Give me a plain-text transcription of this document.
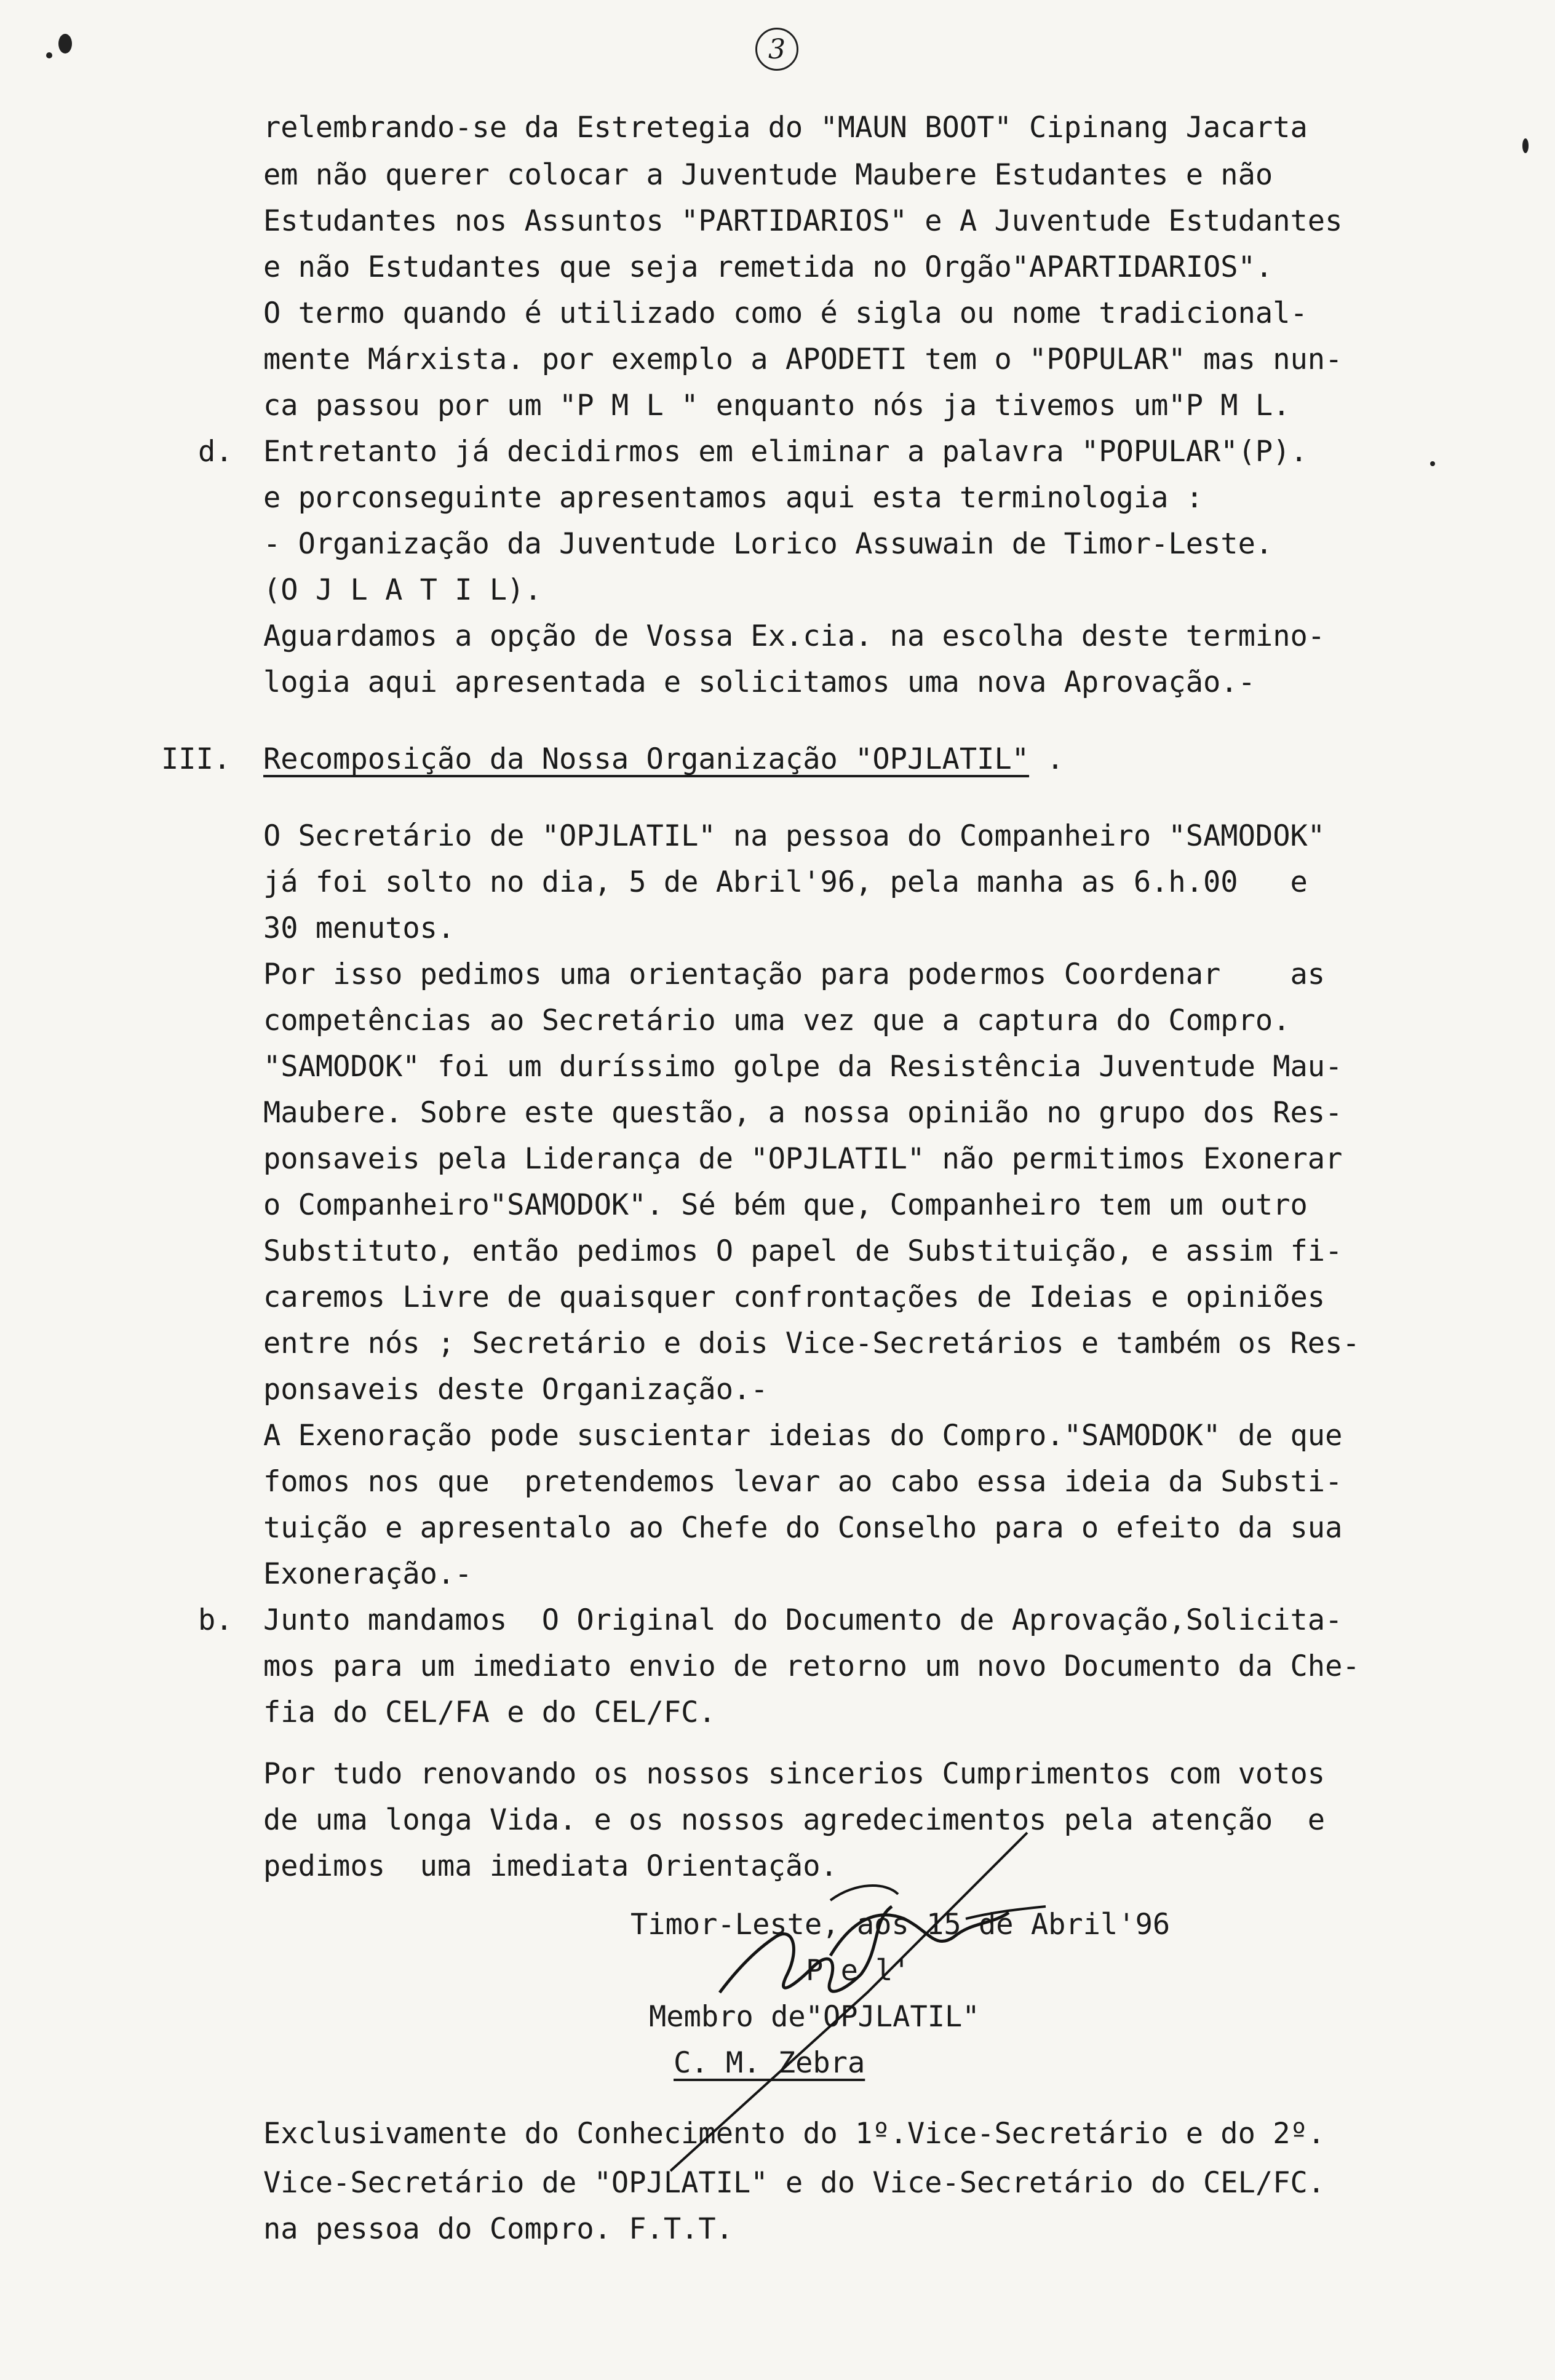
3
relembrando-se da Estretegia do "MAUN BOOT" Cipinang Jacarta
em não querer colocar a Juventude Maubere Estudantes e não
Estudantes nos Assuntos "PARTIDARIOS" e A Juventude Estudantes
e não Estudantes que seja remetida no Orgão"APARTIDARIOS".
O termo quando é utilizado como é sigla ou nome tradicional-
mente Márxista. por exemplo a APODETI tem o "POPULAR" mas nun-
ca passou por um "P M L " enquanto nós ja tivemos um"P M L.
Entretanto já decidirmos em eliminar a palavra "POPULAR"(P).
d.
e porconseguinte apresentamos aqui esta terminologia :
- Organização da Juventude Lorico Assuwain de Timor-Leste.
(O J L A T I L).
Aguardamos a opção de Vossa Ex.cia. na escolha deste termino-
logia aqui apresentada e solicitamos uma nova Aprovação.-
Recomposição da Nossa Organização "OPJLATIL" .
III.
O Secretário de "OPJLATIL" na pessoa do Companheiro "SAMODOK"
já foi solto no dia, 5 de Abril'96, pela manha as 6.h.00   e
30 menutos.
Por isso pedimos uma orientação para podermos Coordenar    as
competências ao Secretário uma vez que a captura do Compro.
"SAMODOK" foi um duríssimo golpe da Resistência Juventude Mau-
Maubere. Sobre este questão, a nossa opinião no grupo dos Res-
ponsaveis pela Liderança de "OPJLATIL" não permitimos Exonerar
o Companheiro"SAMODOK". Sé bém que, Companheiro tem um outro
Substituto, então pedimos O papel de Substituição, e assim fi-
caremos Livre de quaisquer confrontações de Ideias e opiniões
entre nós ; Secretário e dois Vice-Secretários e também os Res-
ponsaveis deste Organização.-
A Exenoração pode suscientar ideias do Compro."SAMODOK" de que
fomos nos que  pretendemos levar ao cabo essa ideia da Substi-
tuição e apresentalo ao Chefe do Conselho para o efeito da sua
Exoneração.-
Junto mandamos  O Original do Documento de Aprovação,Solicita-
b.
mos para um imediato envio de retorno um novo Documento da Che-
fia do CEL/FA e do CEL/FC.
Por tudo renovando os nossos sincerios Cumprimentos com votos
de uma longa Vida. e os nossos agredecimentos pela atenção  e
pedimos  uma imediata Orientação.
Timor-Leste, aos 15 de Abril'96
P e l'
Membro de"OPJLATIL"
C. M. Zebra
Exclusivamente do Conhecimento do 1º.Vice-Secretário e do 2º.
Vice-Secretário de "OPJLATIL" e do Vice-Secretário do CEL/FC.
na pessoa do Compro. F.T.T.
